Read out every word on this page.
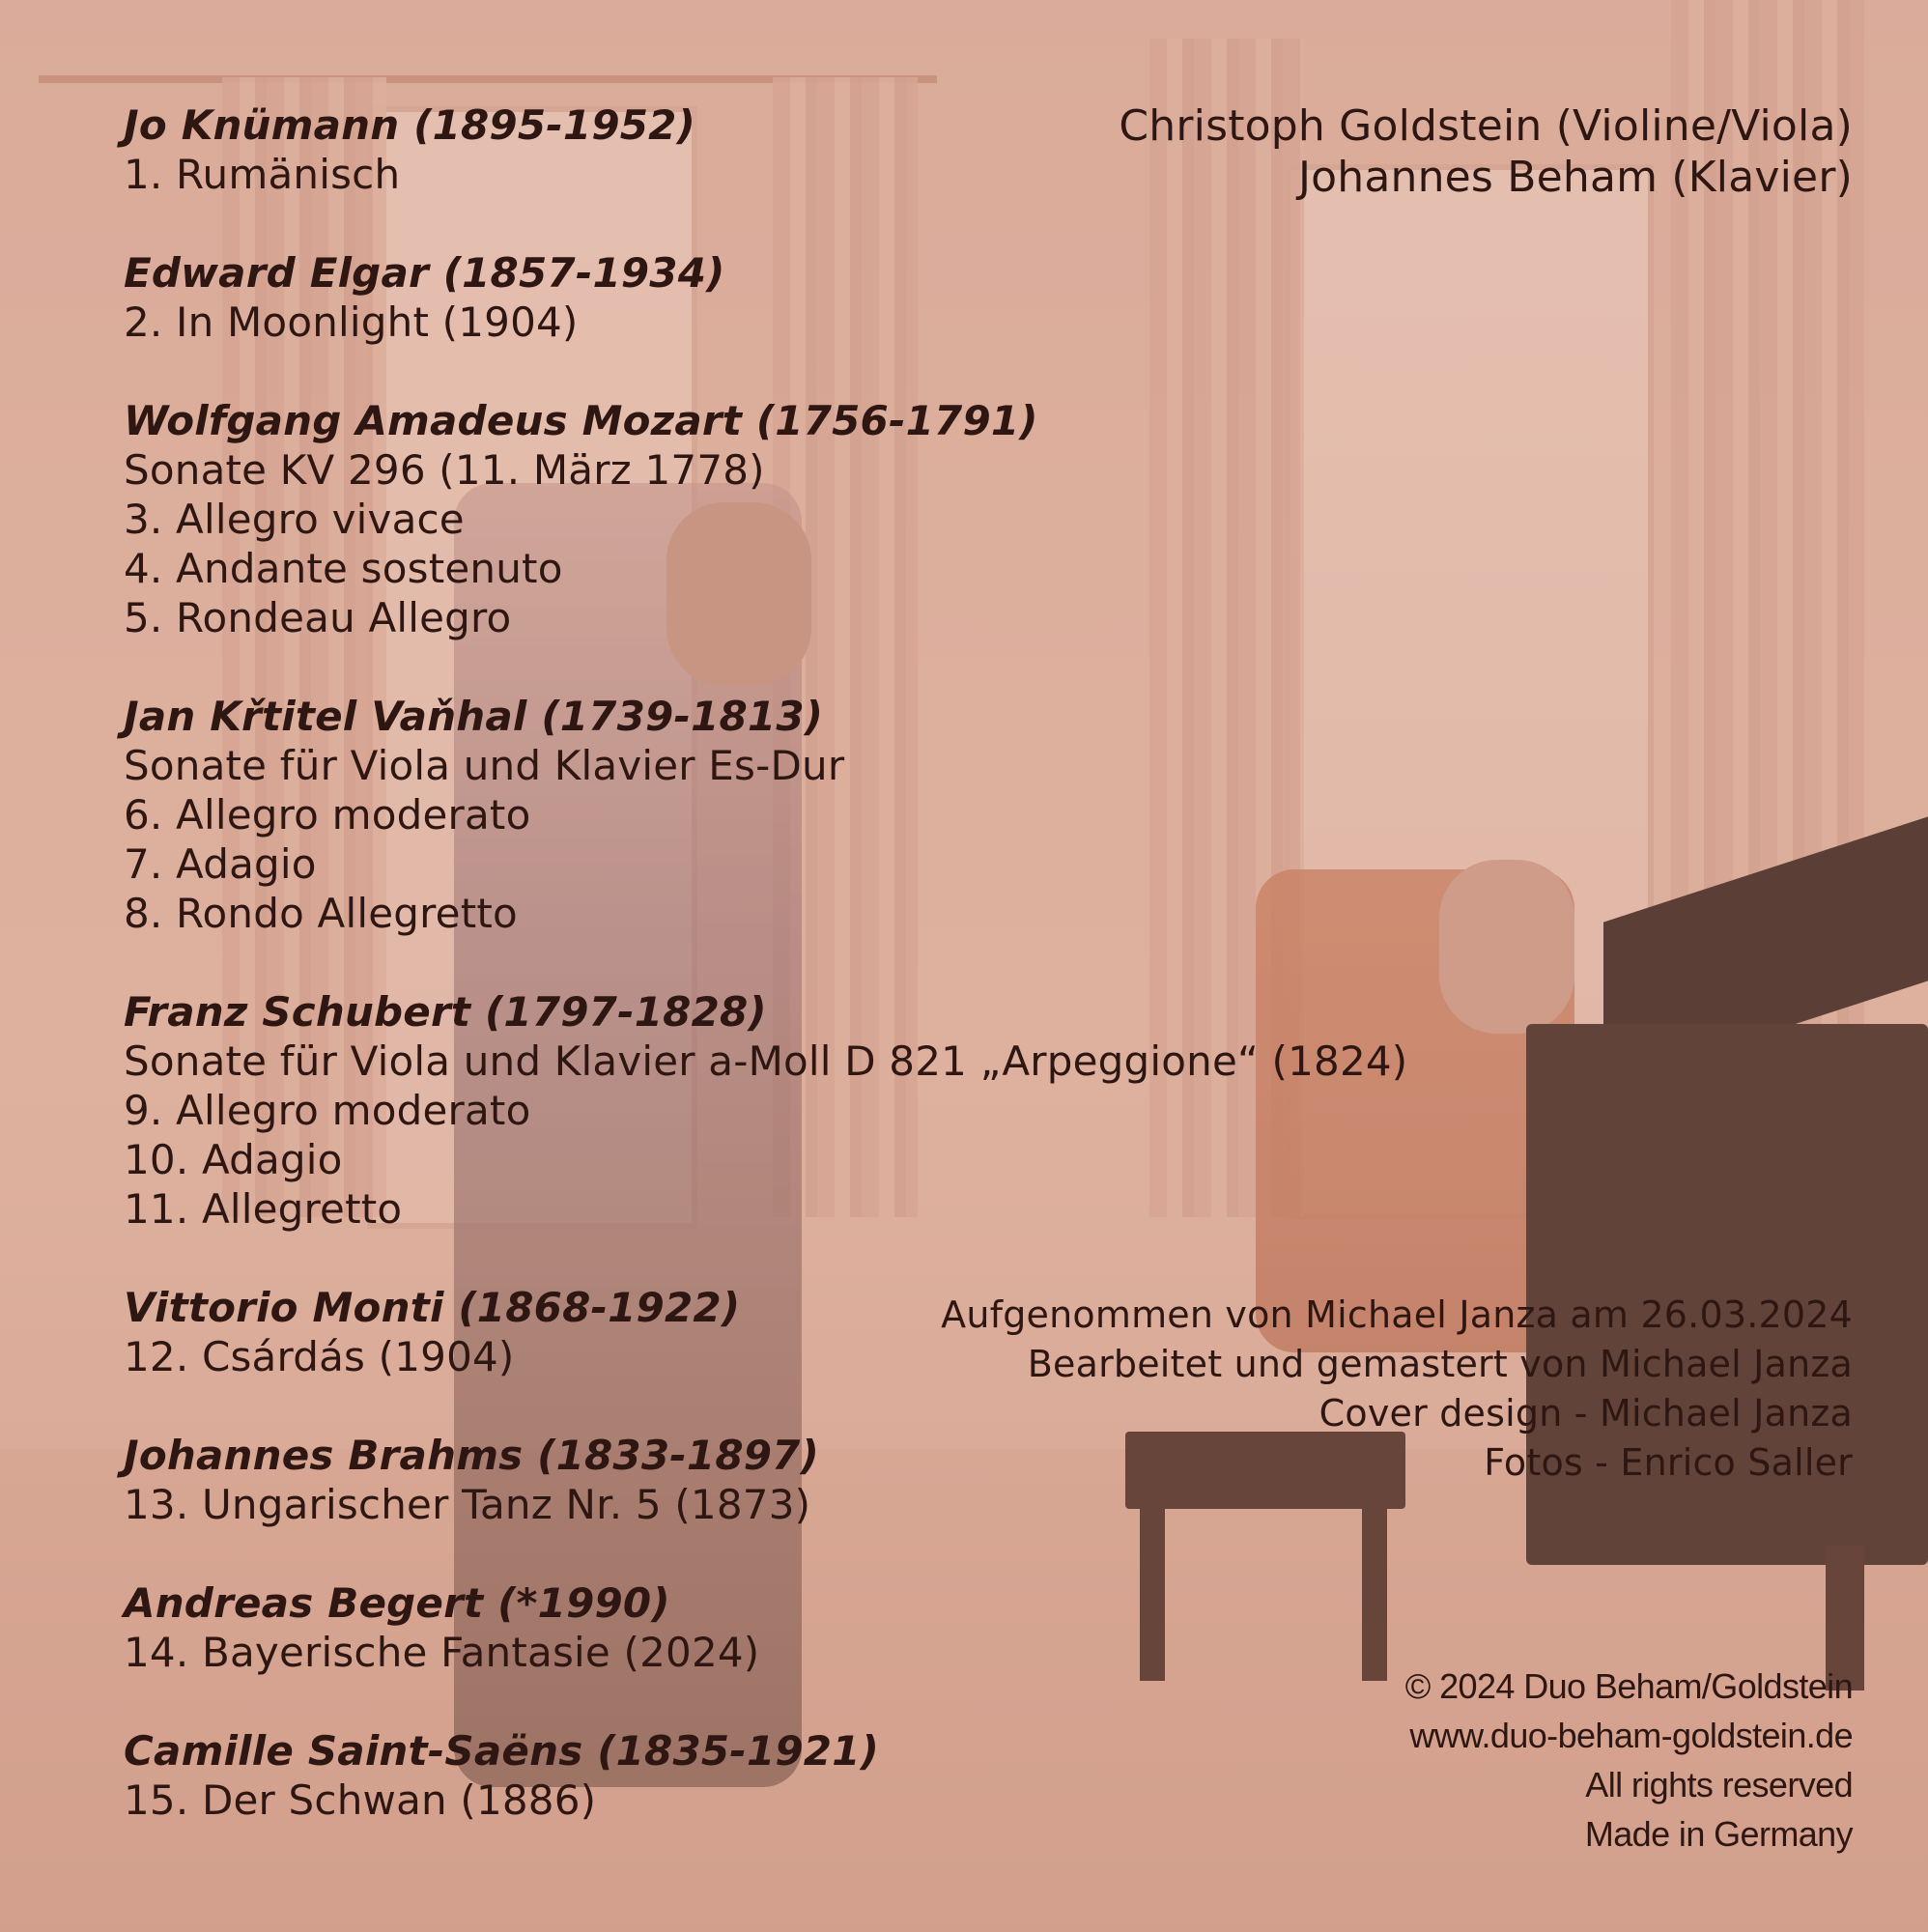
Jo Knümann (1895-1952)
1. Rumänisch
Edward Elgar (1857-1934)
2. In Moonlight (1904)
Wolfgang Amadeus Mozart (1756-1791)
Sonate KV 296 (11. März 1778)
3. Allegro vivace
4. Andante sostenuto
5. Rondeau Allegro
Jan Křtitel Vaňhal (1739-1813)
Sonate für Viola und Klavier Es-Dur
6. Allegro moderato
7. Adagio
8. Rondo Allegretto
Franz Schubert (1797-1828)
Sonate für Viola und Klavier a-Moll D 821 „Arpeggione“ (1824)
9. Allegro moderato
10. Adagio
11. Allegretto
Vittorio Monti (1868-1922)
12. Csárdás (1904)
Johannes Brahms (1833-1897)
13. Ungarischer Tanz Nr. 5 (1873)
Andreas Begert (*1990)
14. Bayerische Fantasie (2024)
Camille Saint-Saëns (1835-1921)
15. Der Schwan (1886)
Christoph Goldstein (Violine/Viola)
Johannes Beham (Klavier)
Aufgenommen von Michael Janza am 26.03.2024
Bearbeitet und gemastert von Michael Janza
Cover design - Michael Janza
Fotos - Enrico Saller
© 2024 Duo Beham/Goldstein
www.duo-beham-goldstein.de
All rights reserved
Made in Germany
